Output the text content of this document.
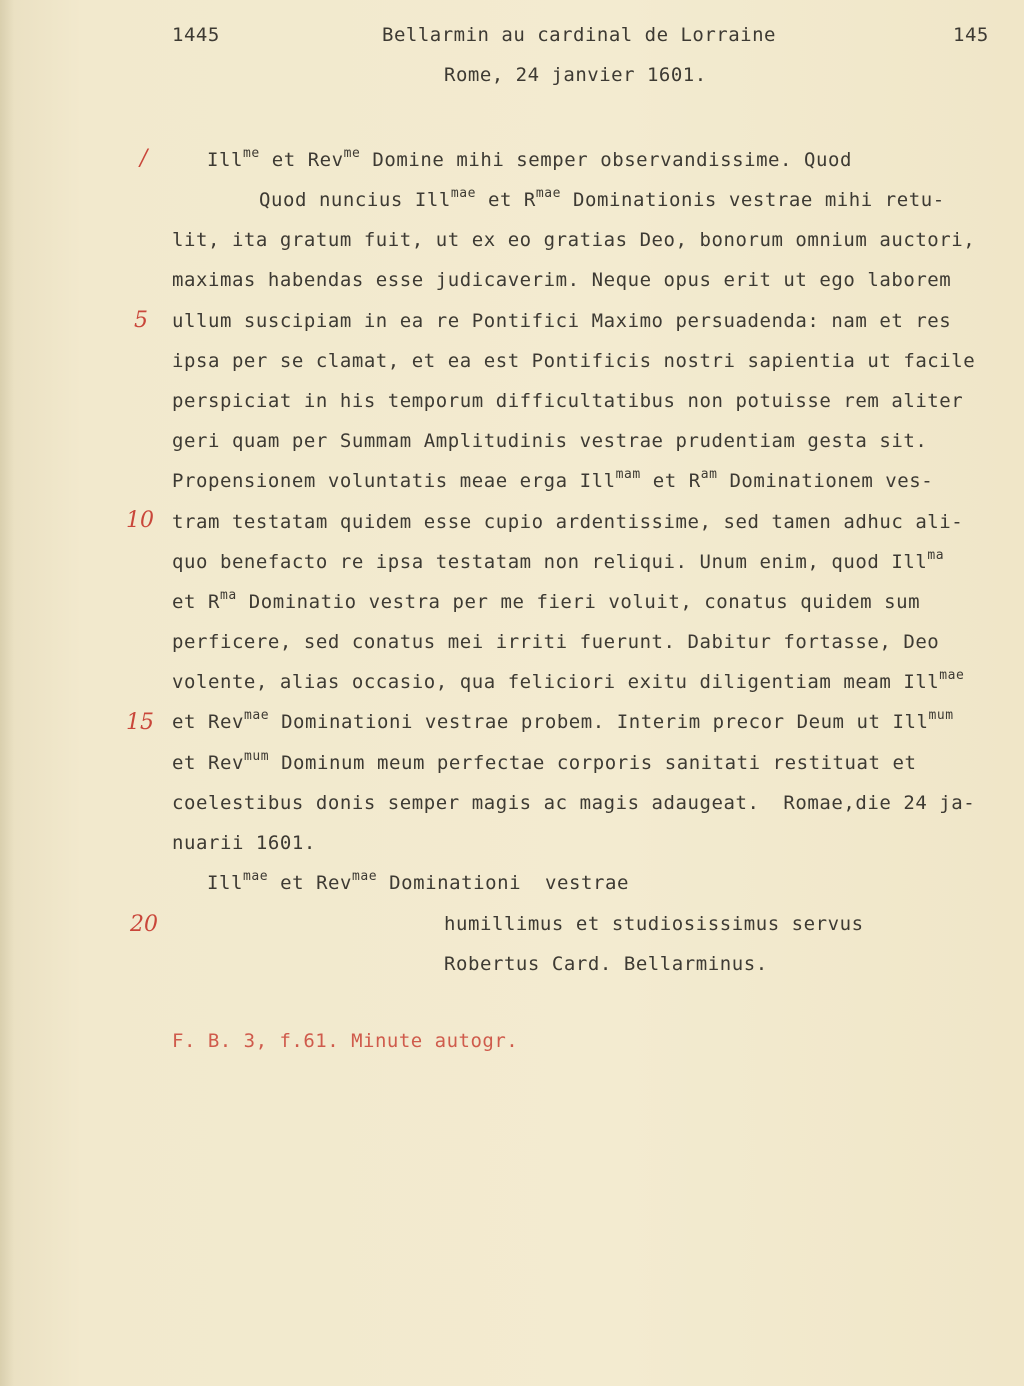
1445	Bellarmin au cardinal de Lorraine	145
Rome, 24 janvier 1601.
/
5
10
15
20
Ill$^{me}$ et Rev$^{me}$ Domine mihi semper observandissime. Quod
Quod nuncius Ill$^{mae}$ et $R^{mae}$ Dominationis vestrae mihi retu-
lit, ita gratum fuit, ut ex eo gratias Deo, bonorum omnium auctori,
maximas habendas esse judicaverim. Neque opus erit ut ego laborem
ullum suscipiam in ea re Pontifici Maximo persuadenda: nam et res
ipsa per se clamat, et ea est Pontificis nostri sapientia ut facile
perspiciat in his temporum difficultatibus non potuisse rem aliter
geri quam per Summam Amplitudinis vestrae prudentiam gesta sit.
Propensionem voluntatis meae erga Ill$^{mam}$ et $R^{am}$ Dominationem ves-
tram testatam quidem esse cupio ardentissime, sed tamen adhuc ali-
quo benefacto re ipsa testatam non reliqui. Unum enim, quod Ill$^{ma}$
et $R^{ma}$ Dominatio vestra per me fieri voluit, conatus quidem sum
perficere, sed conatus mei irriti fuerunt. Dabitur fortasse, Deo
volente, alias occasio, qua feliciori exitu diligentiam meam Ill$^{mae}$
et Rev$^{mae}$ Dominationi vestrae probem. Interim precor Deum ut Ill$^{mum}$
et Rev$^{mum}$ Dominum meum perfectae corporis sanitati restituat et
coelestibus donis semper magis ac magis adaugeat.  Romae,die 24 ja-
nuarii 1601.
Ill$^{mae}$ et Rev$^{mae}$ Dominationi  vestrae
humillimus et studiosissimus servus
Robertus Card. Bellarminus.
F. B. 3, f.61. Minute autogr.
